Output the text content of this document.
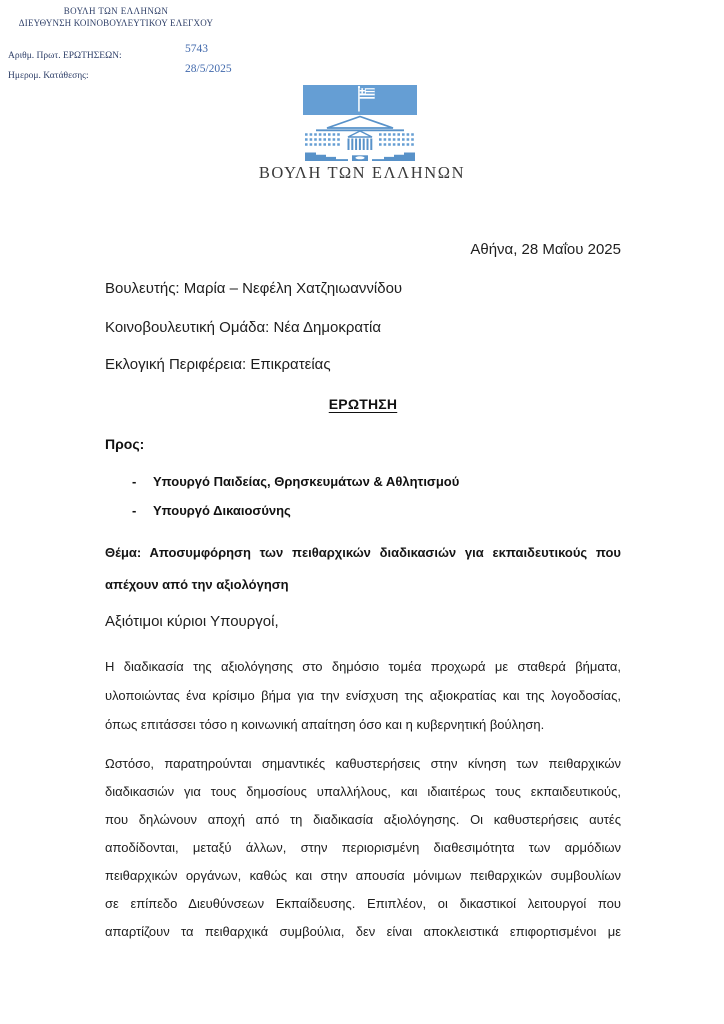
ΒΟΥΛΗ ΤΩΝ ΕΛΛΗΝΩΝ
ΔΙΕΥΘΥΝΣΗ ΚΟΙΝΟΒΟΥΛΕΥΤΙΚΟΥ ΕΛΕΓΧΟΥ
Αριθμ. Πρωτ. ΕΡΩΤΗΣΕΩΝ:
5743
Ημερομ. Κατάθεσης:
28/5/2025
ΒΟΥΛΗ ΤΩΝ ΕΛΛΗΝΩΝ
Αθήνα, 28 Μαΐου 2025
Βουλευτής: Μαρία – Νεφέλη Χατζηιωαννίδου
Κοινοβουλευτική Ομάδα: Νέα Δημοκρατία
Εκλογική Περιφέρεια: Επικρατείας
ΕΡΩΤΗΣΗ
Προς:
- Υπουργό Παιδείας, Θρησκευμάτων & Αθλητισμού
- Υπουργό Δικαιοσύνης
Θέμα: Αποσυμφόρηση των πειθαρχικών διαδικασιών για εκπαιδευτικούς που
απέχουν από την αξιολόγηση
Αξιότιμοι κύριοι Υπουργοί,
Η διαδικασία της αξιολόγησης στο δημόσιο τομέα προχωρά με σταθερά βήματα,
υλοποιώντας ένα κρίσιμο βήμα για την ενίσχυση της αξιοκρατίας και της λογοδοσίας,
όπως επιτάσσει τόσο η κοινωνική απαίτηση όσο και η κυβερνητική βούληση.
Ωστόσο, παρατηρούνται σημαντικές καθυστερήσεις στην κίνηση των πειθαρχικών
διαδικασιών για τους δημοσίους υπαλλήλους, και ιδιαιτέρως τους εκπαιδευτικούς,
που δηλώνουν αποχή από τη διαδικασία αξιολόγησης. Οι καθυστερήσεις αυτές
αποδίδονται, μεταξύ άλλων, στην περιορισμένη διαθεσιμότητα των αρμόδιων
πειθαρχικών οργάνων, καθώς και στην απουσία μόνιμων πειθαρχικών συμβουλίων
σε επίπεδο Διευθύνσεων Εκπαίδευσης. Επιπλέον, οι δικαστικοί λειτουργοί που
απαρτίζουν τα πειθαρχικά συμβούλια, δεν είναι αποκλειστικά επιφορτισμένοι με
